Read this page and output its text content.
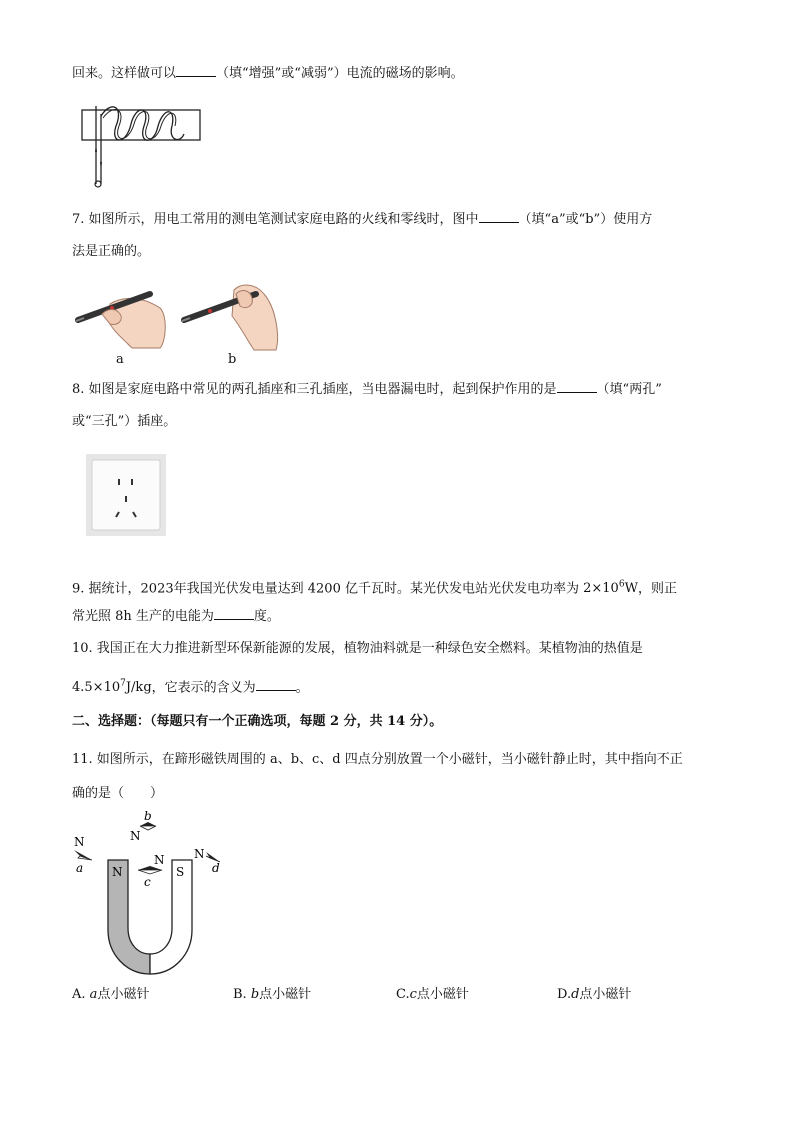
回来。这样做可以	（填“增强”或“减弱”）电流的磁场的影响。
7. 如图所示，用电工常用的测电笔测试家庭电路的火线和零线时，图中	（填“a”或“b”）使用方
法是正确的。
a	b
8. 如图是家庭电路中常见的两孔插座和三孔插座，当电器漏电时，起到保护作用的是	（填“两孔”
或“三孔”）插座。
9. 据统计，2023年我国光伏发电量达到 4200 亿千瓦时。某光伏发电站光伏发电功率为 $2\times 10^6W$，则正
常光照 8h 生产的电能为	度。
10. 我国正在大力推进新型环保新能源的发展，植物油料就是一种绿色安全燃料。某植物油的热值是
$4.5\times 10^7J/kg$，它表示的含义为	。
二、选择题：（每题只有一个正确选项，每题 2 分，共 14 分）。
11. 如图所示，在蹄形磁铁周围的 a、b、c、d 四点分别放置一个小磁针，当小磁针静止时，其中指向不正
确的是（　　）
N	S
N
a
b
N
N
c
N
d
A. a点小磁针	B. b点小磁针	C.c点小磁针	D.d点小磁针
